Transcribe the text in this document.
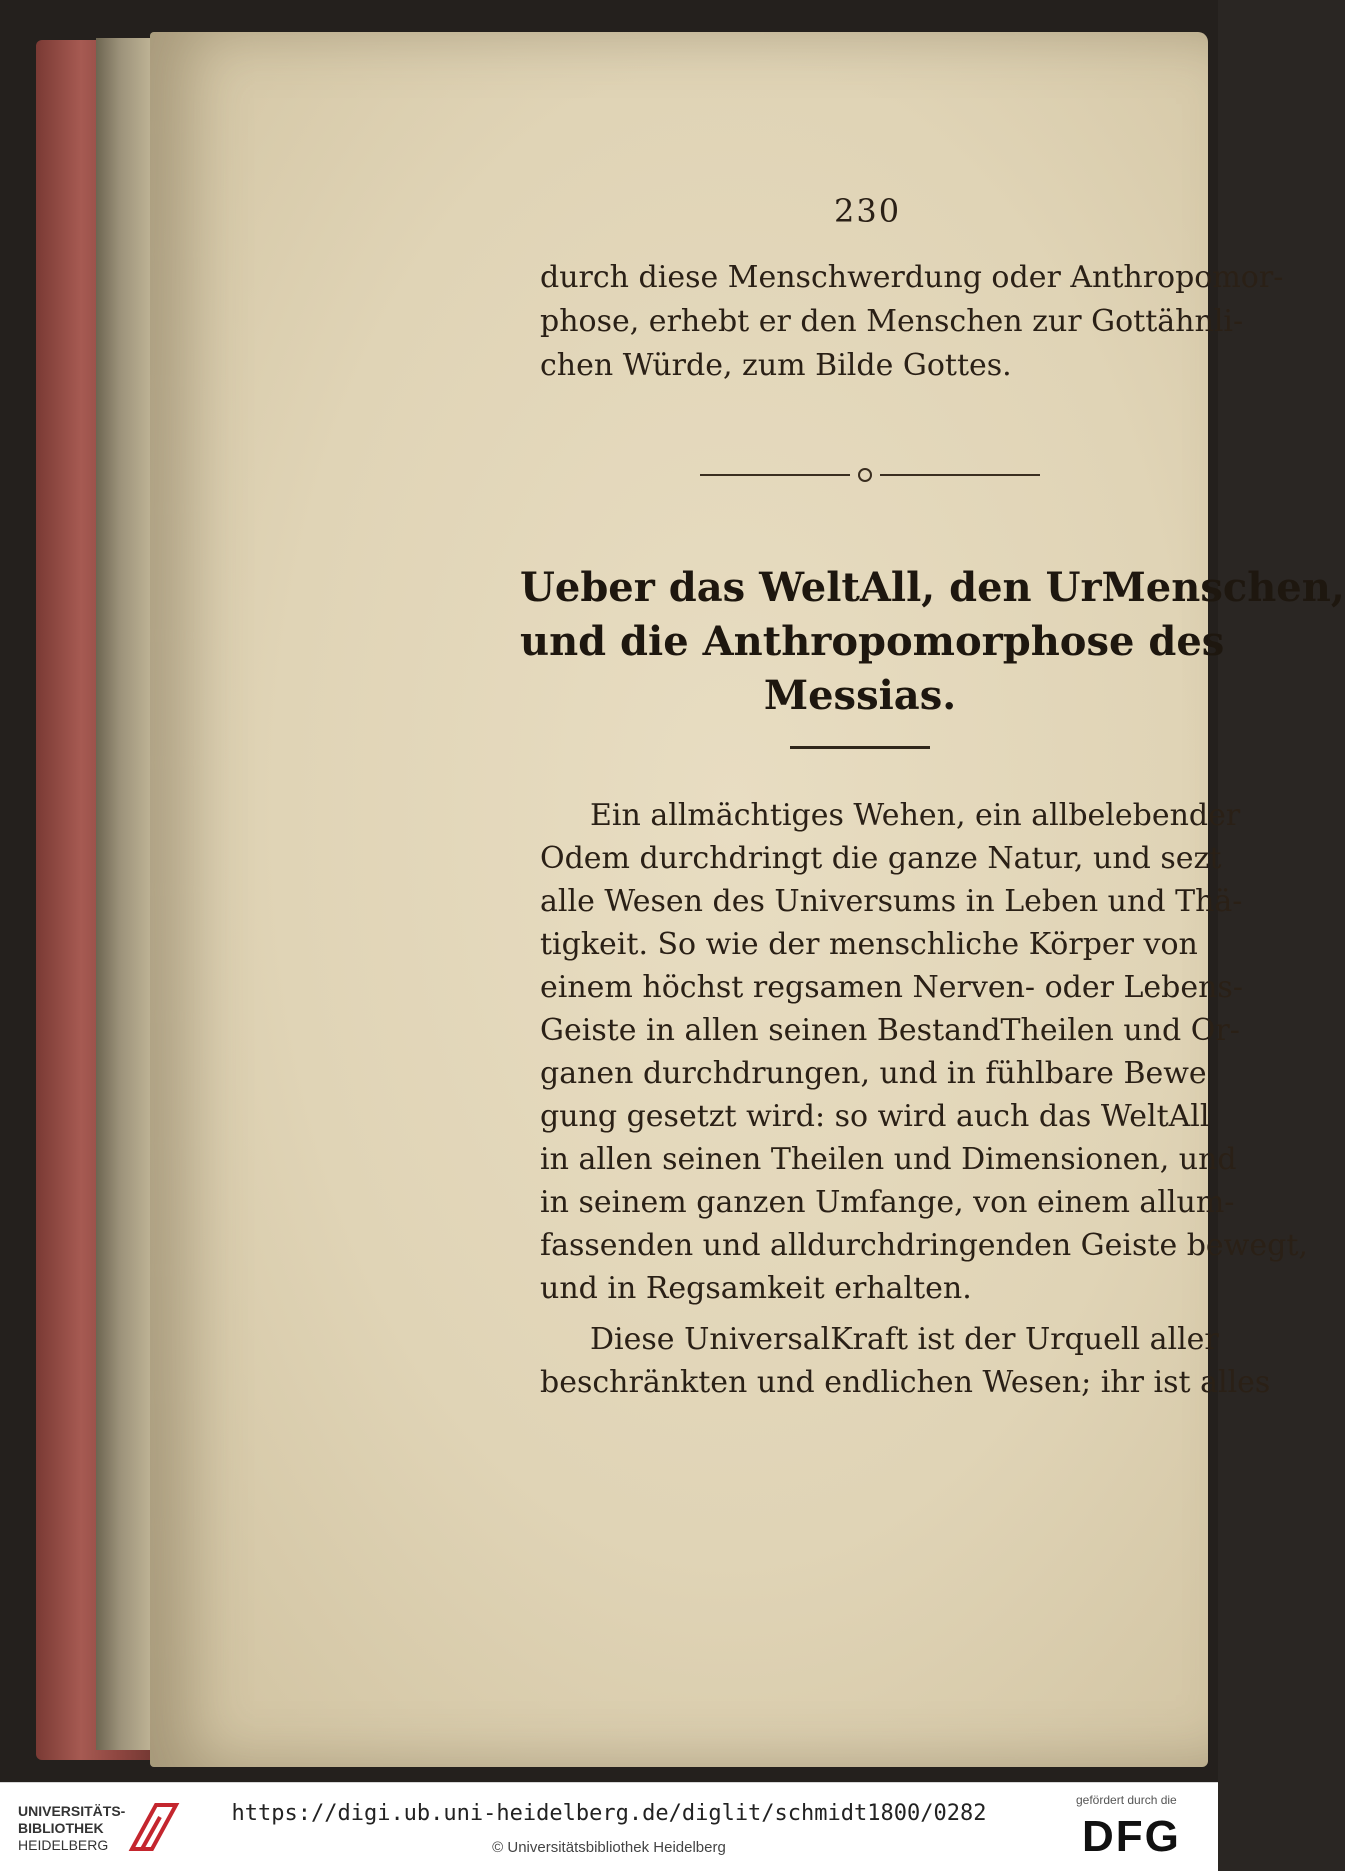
230
durch diese Menschwerdung oder Anthropomor-
phose, erhebt er den Menschen zur Gottähnli-
chen Würde, zum Bilde Gottes.
Ueber das WeltAll, den UrMenschen,
und die Anthropomorphose des
Messias.
Ein allmächtiges Wehen, ein allbelebender
Odem durchdringt die ganze Natur, und sezt
alle Wesen des Universums in Leben und Thä-
tigkeit. So wie der menschliche Körper von
einem höchst regsamen Nerven- oder Lebens-
Geiste in allen seinen BestandTheilen und Or-
ganen durchdrungen, und in fühlbare Bewe
gung gesetzt wird: so wird auch das WeltAll
in allen seinen Theilen und Dimensionen, und
in seinem ganzen Umfange, von einem allum-
fassenden und alldurchdringenden Geiste bewegt,
und in Regsamkeit erhalten.
Diese UniversalKraft ist der Urquell aller
beschränkten und endlichen Wesen; ihr ist alles
UNIVERSITÄTS-
BIBLIOTHEK
HEIDELBERG
https://digi.ub.uni-heidelberg.de/diglit/schmidt1800/0282
© Universitätsbibliothek Heidelberg
gefördert durch die
DFG
